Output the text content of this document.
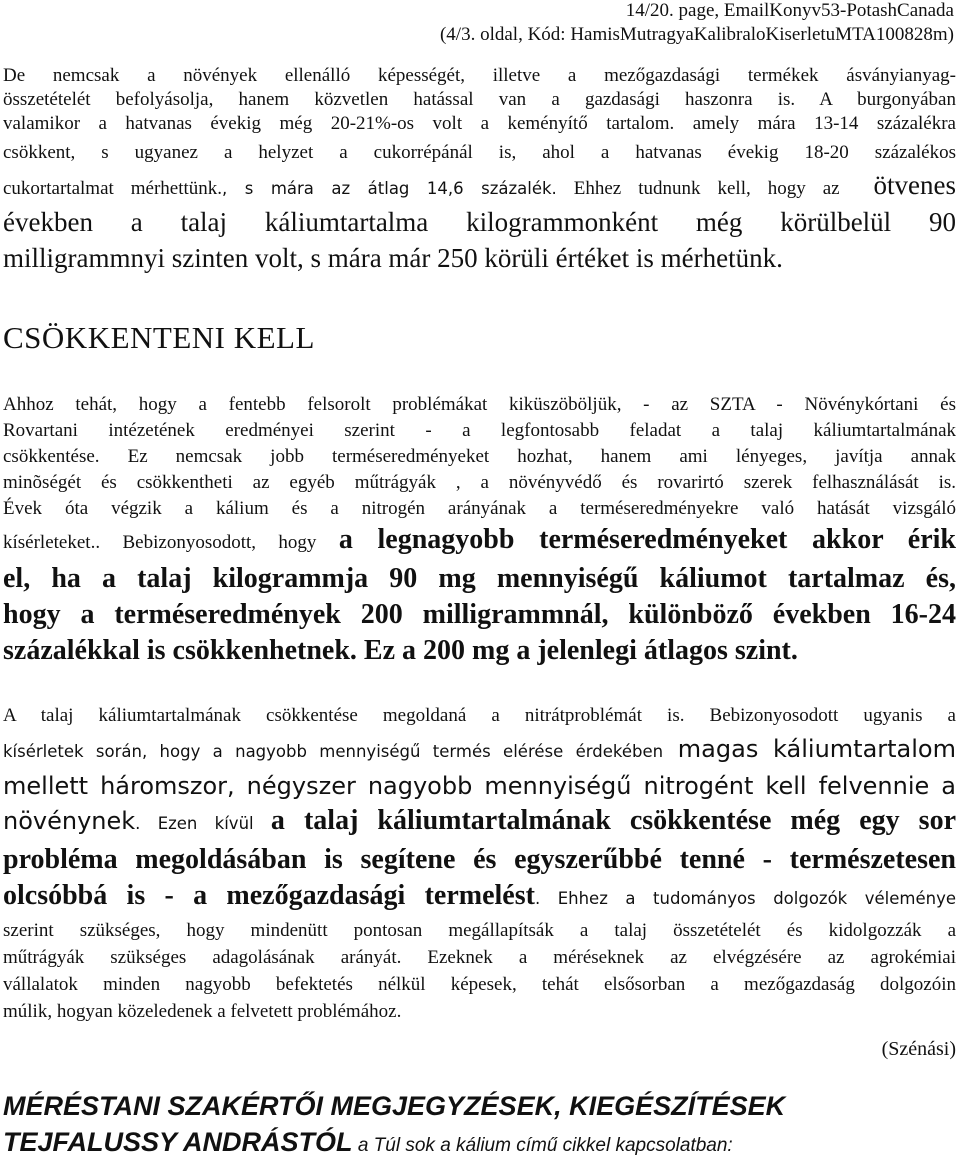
14/20. page, EmailKonyv53-PotashCanada
(4/3. oldal, Kód: HamisMutragyaKalibraloKiserletuMTA100828m)
De nemcsak a növények ellenálló képességét, illetve a mezőgazdasági termékek ásványianyag-
összetételét befolyásolja, hanem közvetlen hatással van a gazdasági haszonra is. A burgonyában
valamikor a hatvanas évekig még 20-21%-os volt a keményítő tartalom. amely mára 13-14 százalékra
csökkent, s ugyanez a helyzet a cukorrépánál is, ahol a hatvanas évekig 18-20 százalékos
cukortartalmat mérhettünk., s mára az átlag 14,6 százalék. Ehhez tudnunk kell, hogy az ötvenes
években a talaj káliumtartalma kilogrammonként még körülbelül 90
milligrammnyi szinten volt, s mára már 250 körüli értéket is mérhetünk.
CSÖKKENTENI KELL
Ahhoz tehát, hogy a fentebb felsorolt problémákat kiküszöböljük, - az SZTA - Növénykórtani és
Rovartani intézetének eredményei szerint - a legfontosabb feladat a talaj káliumtartalmának
csökkentése. Ez nemcsak jobb terméseredményeket hozhat, hanem ami lényeges, javítja annak
minõségét és csökkentheti az egyéb műtrágyák , a növényvédő és rovarirtó szerek felhasználását is.
Évek óta végzik a kálium és a nitrogén arányának a terméseredményekre való hatását vizsgáló
kísérleteket.. Bebizonyosodott, hogy a legnagyobb terméseredményeket akkor érik
el, ha a talaj kilogrammja 90 mg mennyiségű káliumot tartalmaz és,
hogy a terméseredmények 200 milligrammnál, különböző években 16-24
százalékkal is csökkenhetnek. Ez a 200 mg a jelenlegi átlagos szint.
A talaj káliumtartalmának csökkentése megoldaná a nitrátproblémát is. Bebizonyosodott ugyanis a
kísérletek során, hogy a nagyobb mennyiségű termés elérése érdekében magas káliumtartalom
mellett háromszor, négyszer nagyobb mennyiségű nitrogént kell felvennie a
növénynek. Ezen kívül a talaj káliumtartalmának csökkentése még egy sor
probléma megoldásában is segítene és egyszerűbbé tenné - természetesen
olcsóbbá is - a mezőgazdasági termelést. Ehhez a tudományos dolgozók véleménye
szerint szükséges, hogy mindenütt pontosan megállapítsák a talaj összetételét és kidolgozzák a
műtrágyák szükséges adagolásának arányát. Ezeknek a méréseknek az elvégzésére az agrokémiai
vállalatok minden nagyobb befektetés nélkül képesek, tehát elsősorban a mezőgazdaság dolgozóin
múlik, hogyan közeledenek a felvetett problémához.
(Szénási)
MÉRÉSTANI SZAKÉRTŐI MEGJEGYZÉSEK, KIEGÉSZÍTÉSEK
TEJFALUSSY ANDRÁSTÓL a Túl sok a kálium című cikkel kapcsolatban:
